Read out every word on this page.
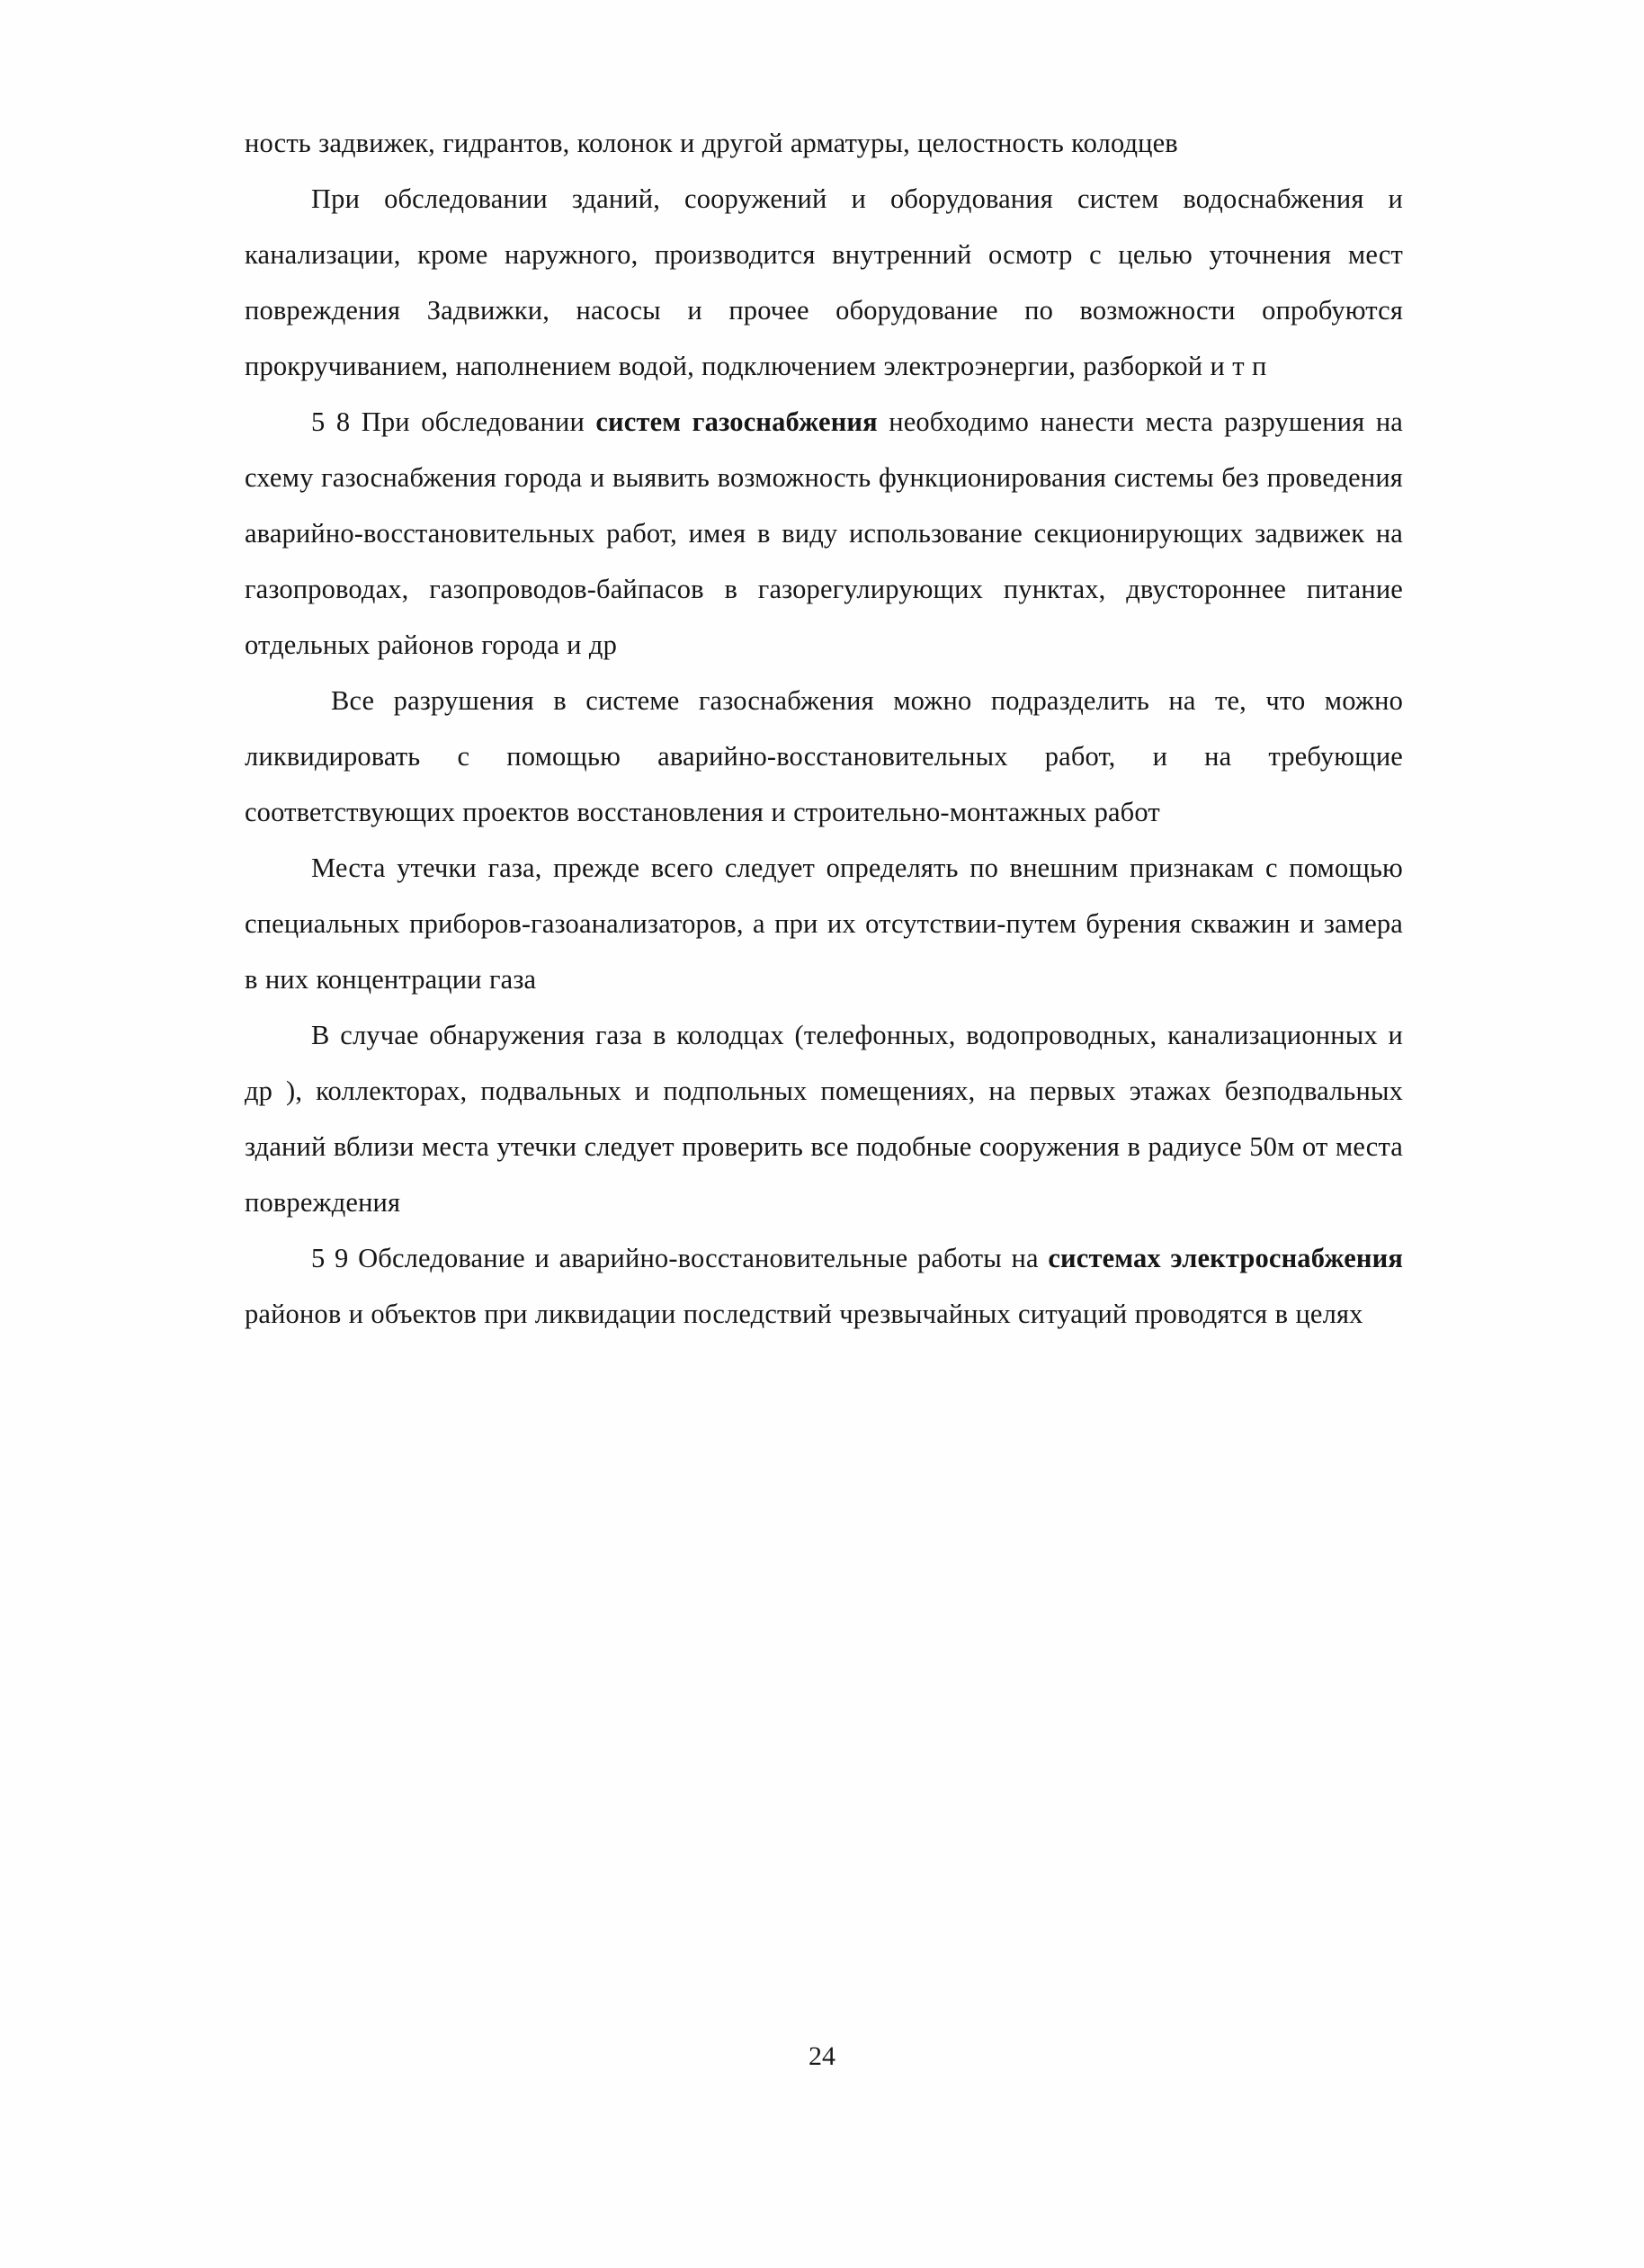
ность задвижек, гидрантов, колонок и другой арматуры, целостность колодцев

При обследовании зданий, сооружений и оборудования систем водоснабжения и канализации, кроме наружного, производится внутренний осмотр с целью уточнения мест повреждения Задвижки, насосы и прочее оборудование по возможности опробуются прокручиванием, наполнением водой, подключением электроэнергии, разборкой и т п

5 8 При обследовании систем газоснабжения необходимо нанести места разрушения на схему газоснабжения города и выявить возможность функционирования системы без проведения аварийно-восстановительных работ, имея в виду использование секционирующих задвижек на газопроводах, газопроводов-байпасов в газорегулирующих пунктах, двустороннее питание отдельных районов города и др

Все разрушения в системе газоснабжения можно подразделить на те, что можно ликвидировать с помощью аварийно-восстановительных работ, и на требующие соответствующих проектов восстановления и строительно-монтажных работ

Места утечки газа, прежде всего следует определять по внешним признакам с помощью специальных приборов-газоанализаторов, а при их отсутствии-путем бурения скважин и замера в них концентрации газа

В случае обнаружения газа в колодцах (телефонных, водопроводных, канализационных и др ), коллекторах, подвальных и подпольных помещениях, на первых этажах безподвальных зданий вблизи места утечки следует проверить все подобные сооружения в радиусе 50м от места повреждения

5 9 Обследование и аварийно-восстановительные работы на системах электроснабжения районов и объектов при ликвидации последствий чрезвычайных ситуаций проводятся в целях

24
